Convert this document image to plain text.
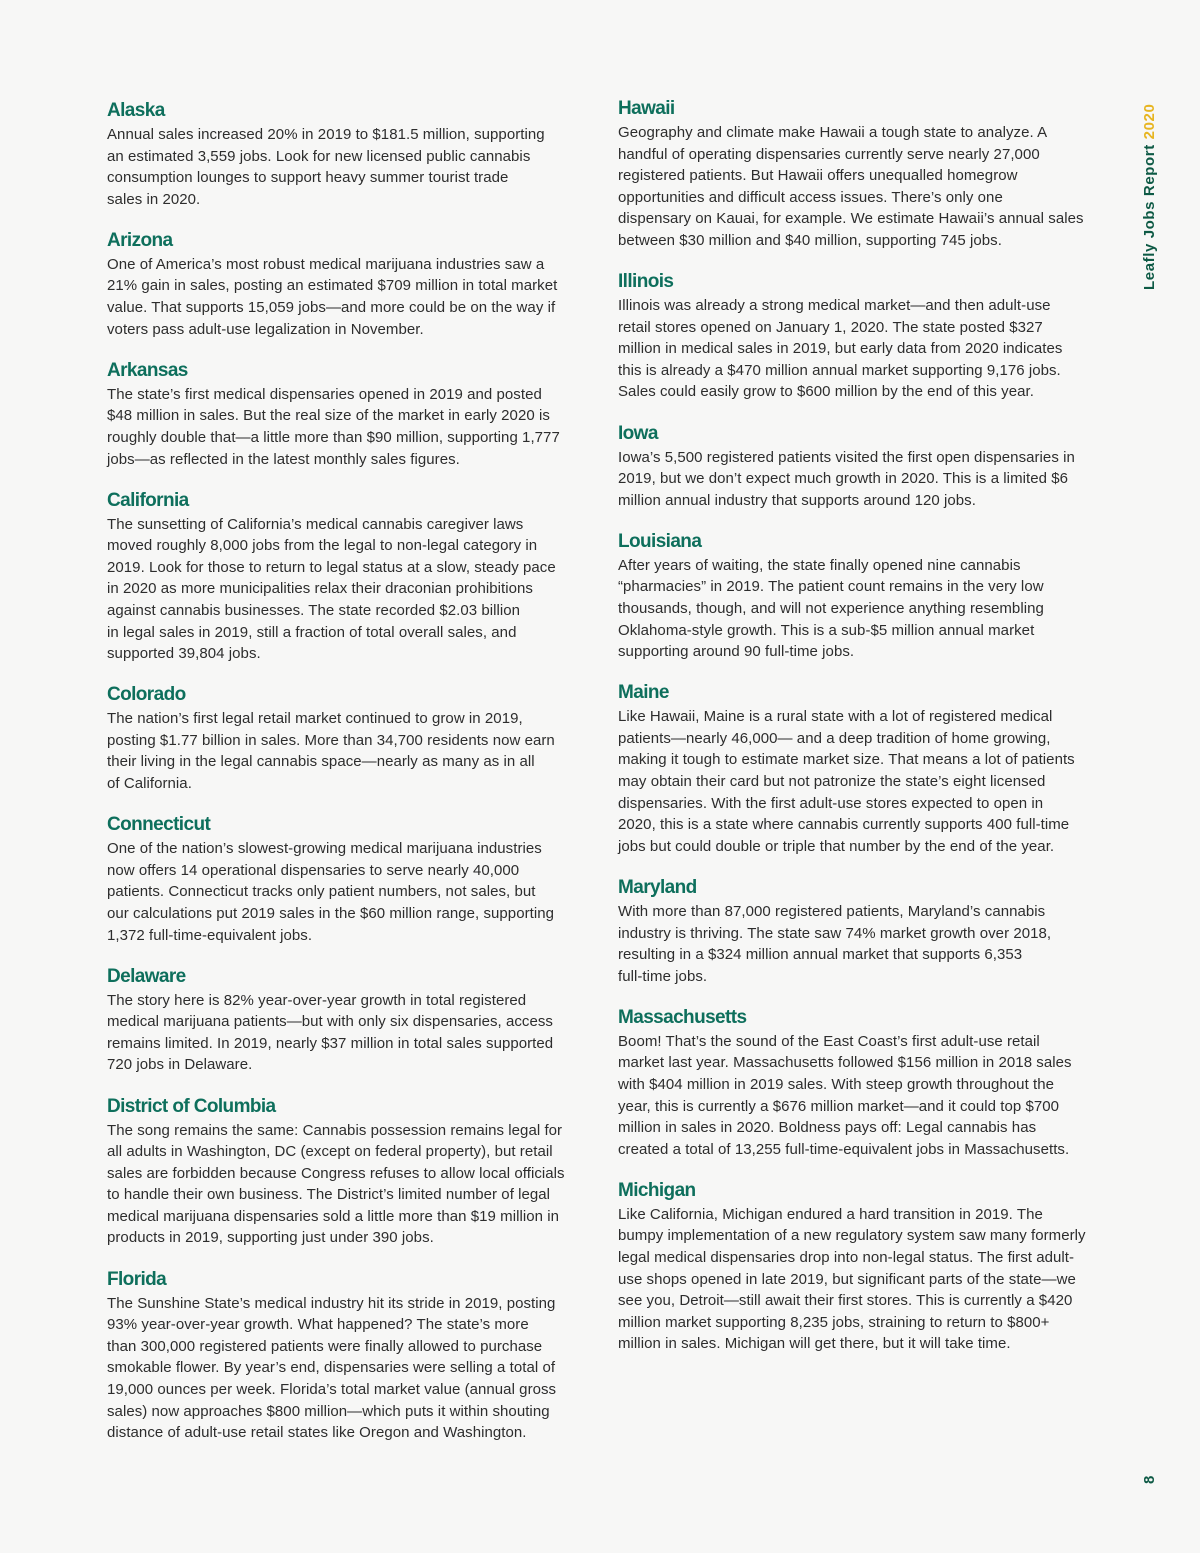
Alaska

Annual sales increased 20% in 2019 to $181.5 million, supporting
an estimated 3,559 jobs. Look for new licensed public cannabis
consumption lounges to support heavy summer tourist trade
sales in 2020.

Arizona

One of America’s most robust medical marijuana industries saw a
21% gain in sales, posting an estimated $709 million in total market
value. That supports 15,059 jobs—and more could be on the way if
voters pass adult-use legalization in November.

Arkansas

The state’s first medical dispensaries opened in 2019 and posted
$48 million in sales. But the real size of the market in early 2020 is
roughly double that—a little more than $90 million, supporting 1,777
jobs—as reflected in the latest monthly sales figures.

California

The sunsetting of California’s medical cannabis caregiver laws
moved roughly 8,000 jobs from the legal to non-legal category in
2019. Look for those to return to legal status at a slow, steady pace
in 2020 as more municipalities relax their draconian prohibitions
against cannabis businesses. The state recorded $2.03 billion
in legal sales in 2019, still a fraction of total overall sales, and
supported 39,804 jobs.

Colorado

The nation’s first legal retail market continued to grow in 2019,
posting $1.77 billion in sales. More than 34,700 residents now earn
their living in the legal cannabis space—nearly as many as in all
of California.

Connecticut

One of the nation’s slowest-growing medical marijuana industries
now offers 14 operational dispensaries to serve nearly 40,000
patients. Connecticut tracks only patient numbers, not sales, but
our calculations put 2019 sales in the $60 million range, supporting
1,372 full-time-equivalent jobs.

Delaware

The story here is 82% year-over-year growth in total registered
medical marijuana patients—but with only six dispensaries, access
remains limited. In 2019, nearly $37 million in total sales supported
720 jobs in Delaware.

District of Columbia

The song remains the same: Cannabis possession remains legal for
all adults in Washington, DC (except on federal property), but retail
sales are forbidden because Congress refuses to allow local officials
to handle their own business. The District’s limited number of legal
medical marijuana dispensaries sold a little more than $19 million in
products in 2019, supporting just under 390 jobs.

Florida

The Sunshine State’s medical industry hit its stride in 2019, posting
93% year-over-year growth. What happened? The state’s more
than 300,000 registered patients were finally allowed to purchase
smokable flower. By year’s end, dispensaries were selling a total of
19,000 ounces per week. Florida’s total market value (annual gross
sales) now approaches $800 million—which puts it within shouting
distance of adult-use retail states like Oregon and Washington.

Hawaii

Geography and climate make Hawaii a tough state to analyze. A
handful of operating dispensaries currently serve nearly 27,000
registered patients. But Hawaii offers unequalled homegrow
opportunities and difficult access issues. There’s only one
dispensary on Kauai, for example. We estimate Hawaii’s annual sales
between $30 million and $40 million, supporting 745 jobs.

Illinois

Illinois was already a strong medical market—and then adult-use
retail stores opened on January 1, 2020. The state posted $327
million in medical sales in 2019, but early data from 2020 indicates
this is already a $470 million annual market supporting 9,176 jobs.
Sales could easily grow to $600 million by the end of this year.

Iowa

Iowa’s 5,500 registered patients visited the first open dispensaries in
2019, but we don’t expect much growth in 2020. This is a limited $6
million annual industry that supports around 120 jobs.

Louisiana

After years of waiting, the state finally opened nine cannabis
“pharmacies” in 2019. The patient count remains in the very low
thousands, though, and will not experience anything resembling
Oklahoma-style growth. This is a sub-$5 million annual market
supporting around 90 full-time jobs.

Maine

Like Hawaii, Maine is a rural state with a lot of registered medical
patients—nearly 46,000— and a deep tradition of home growing,
making it tough to estimate market size. That means a lot of patients
may obtain their card but not patronize the state’s eight licensed
dispensaries. With the first adult-use stores expected to open in
2020, this is a state where cannabis currently supports 400 full-time
jobs but could double or triple that number by the end of the year.

Maryland

With more than 87,000 registered patients, Maryland’s cannabis
industry is thriving. The state saw 74% market growth over 2018,
resulting in a $324 million annual market that supports 6,353
full-time jobs.

Massachusetts

Boom! That’s the sound of the East Coast’s first adult-use retail
market last year. Massachusetts followed $156 million in 2018 sales
with $404 million in 2019 sales. With steep growth throughout the
year, this is currently a $676 million market—and it could top $700
million in sales in 2020. Boldness pays off: Legal cannabis has
created a total of 13,255 full-time-equivalent jobs in Massachusetts.

Michigan

Like California, Michigan endured a hard transition in 2019. The
bumpy implementation of a new regulatory system saw many formerly
legal medical dispensaries drop into non-legal status. The first adult-
use shops opened in late 2019, but significant parts of the state—we
see you, Detroit—still await their first stores. This is currently a $420
million market supporting 8,235 jobs, straining to return to $800+
million in sales. Michigan will get there, but it will take time.

Leafly Jobs Report 2020
8
